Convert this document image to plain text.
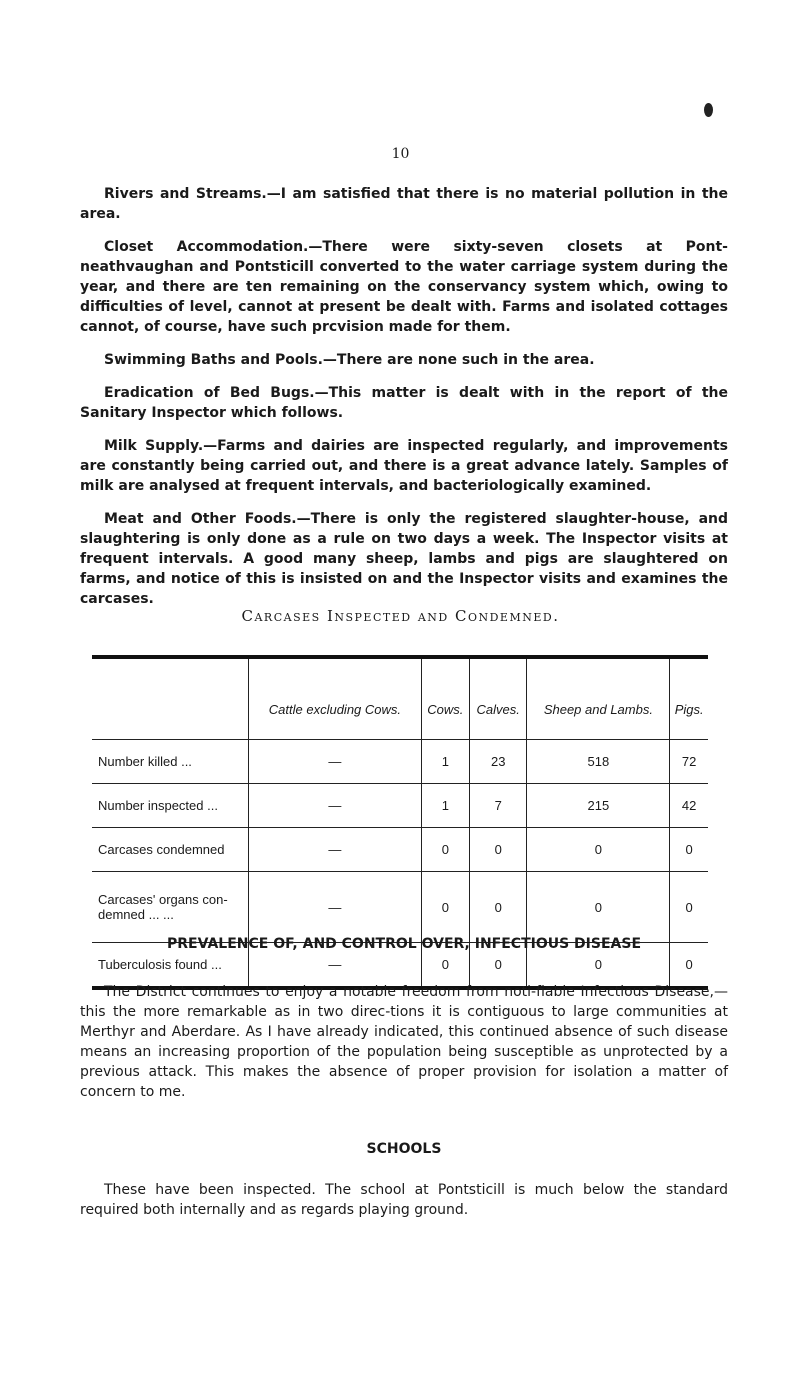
10

Rivers and Streams.—I am satisfied that there is no material pollution in the area.

Closet Accommodation.—There were sixty-seven closets at Pont-neathvaughan and Pontsticill converted to the water carriage system during the year, and there are ten remaining on the conservancy system which, owing to difficulties of level, cannot at present be dealt with. Farms and isolated cottages cannot, of course, have such prcvision made for them.

Swimming Baths and Pools.—There are none such in the area.

Eradication of Bed Bugs.—This matter is dealt with in the report of the Sanitary Inspector which follows.

Milk Supply.—Farms and dairies are inspected regularly, and improvements are constantly being carried out, and there is a great advance lately. Samples of milk are analysed at frequent intervals, and bacteriologically examined.

Meat and Other Foods.—There is only the registered slaughter-house, and slaughtering is only done as a rule on two days a week. The Inspector visits at frequent intervals. A good many sheep, lambs and pigs are slaughtered on farms, and notice of this is insisted on and the Inspector visits and examines the carcases.

Carcases Inspected and Condemned.
	Cattle excluding Cows.	Cows.	Calves.	Sheep and Lambs.	Pigs.
Number killed ...	—	1	23	518	72
Number inspected ...	—	1	7	215	42
Carcases condemned	—	0	0	0	0
Carcases' organs con-demned ... ...	—	0	0	0	0
Tuberculosis found ...	—	0	0	0	0
PREVALENCE OF, AND CONTROL OVER, INFECTIOUS DISEASE

The District continues to enjoy a notable freedom from noti-fiable Infectious Disease,—this the more remarkable as in two direc-tions it is contiguous to large communities at Merthyr and Aberdare. As I have already indicated, this continued absence of such disease means an increasing proportion of the population being susceptible as unprotected by a previous attack. This makes the absence of proper provision for isolation a matter of concern to me.

SCHOOLS

These have been inspected. The school at Pontsticill is much below the standard required both internally and as regards playing ground.
